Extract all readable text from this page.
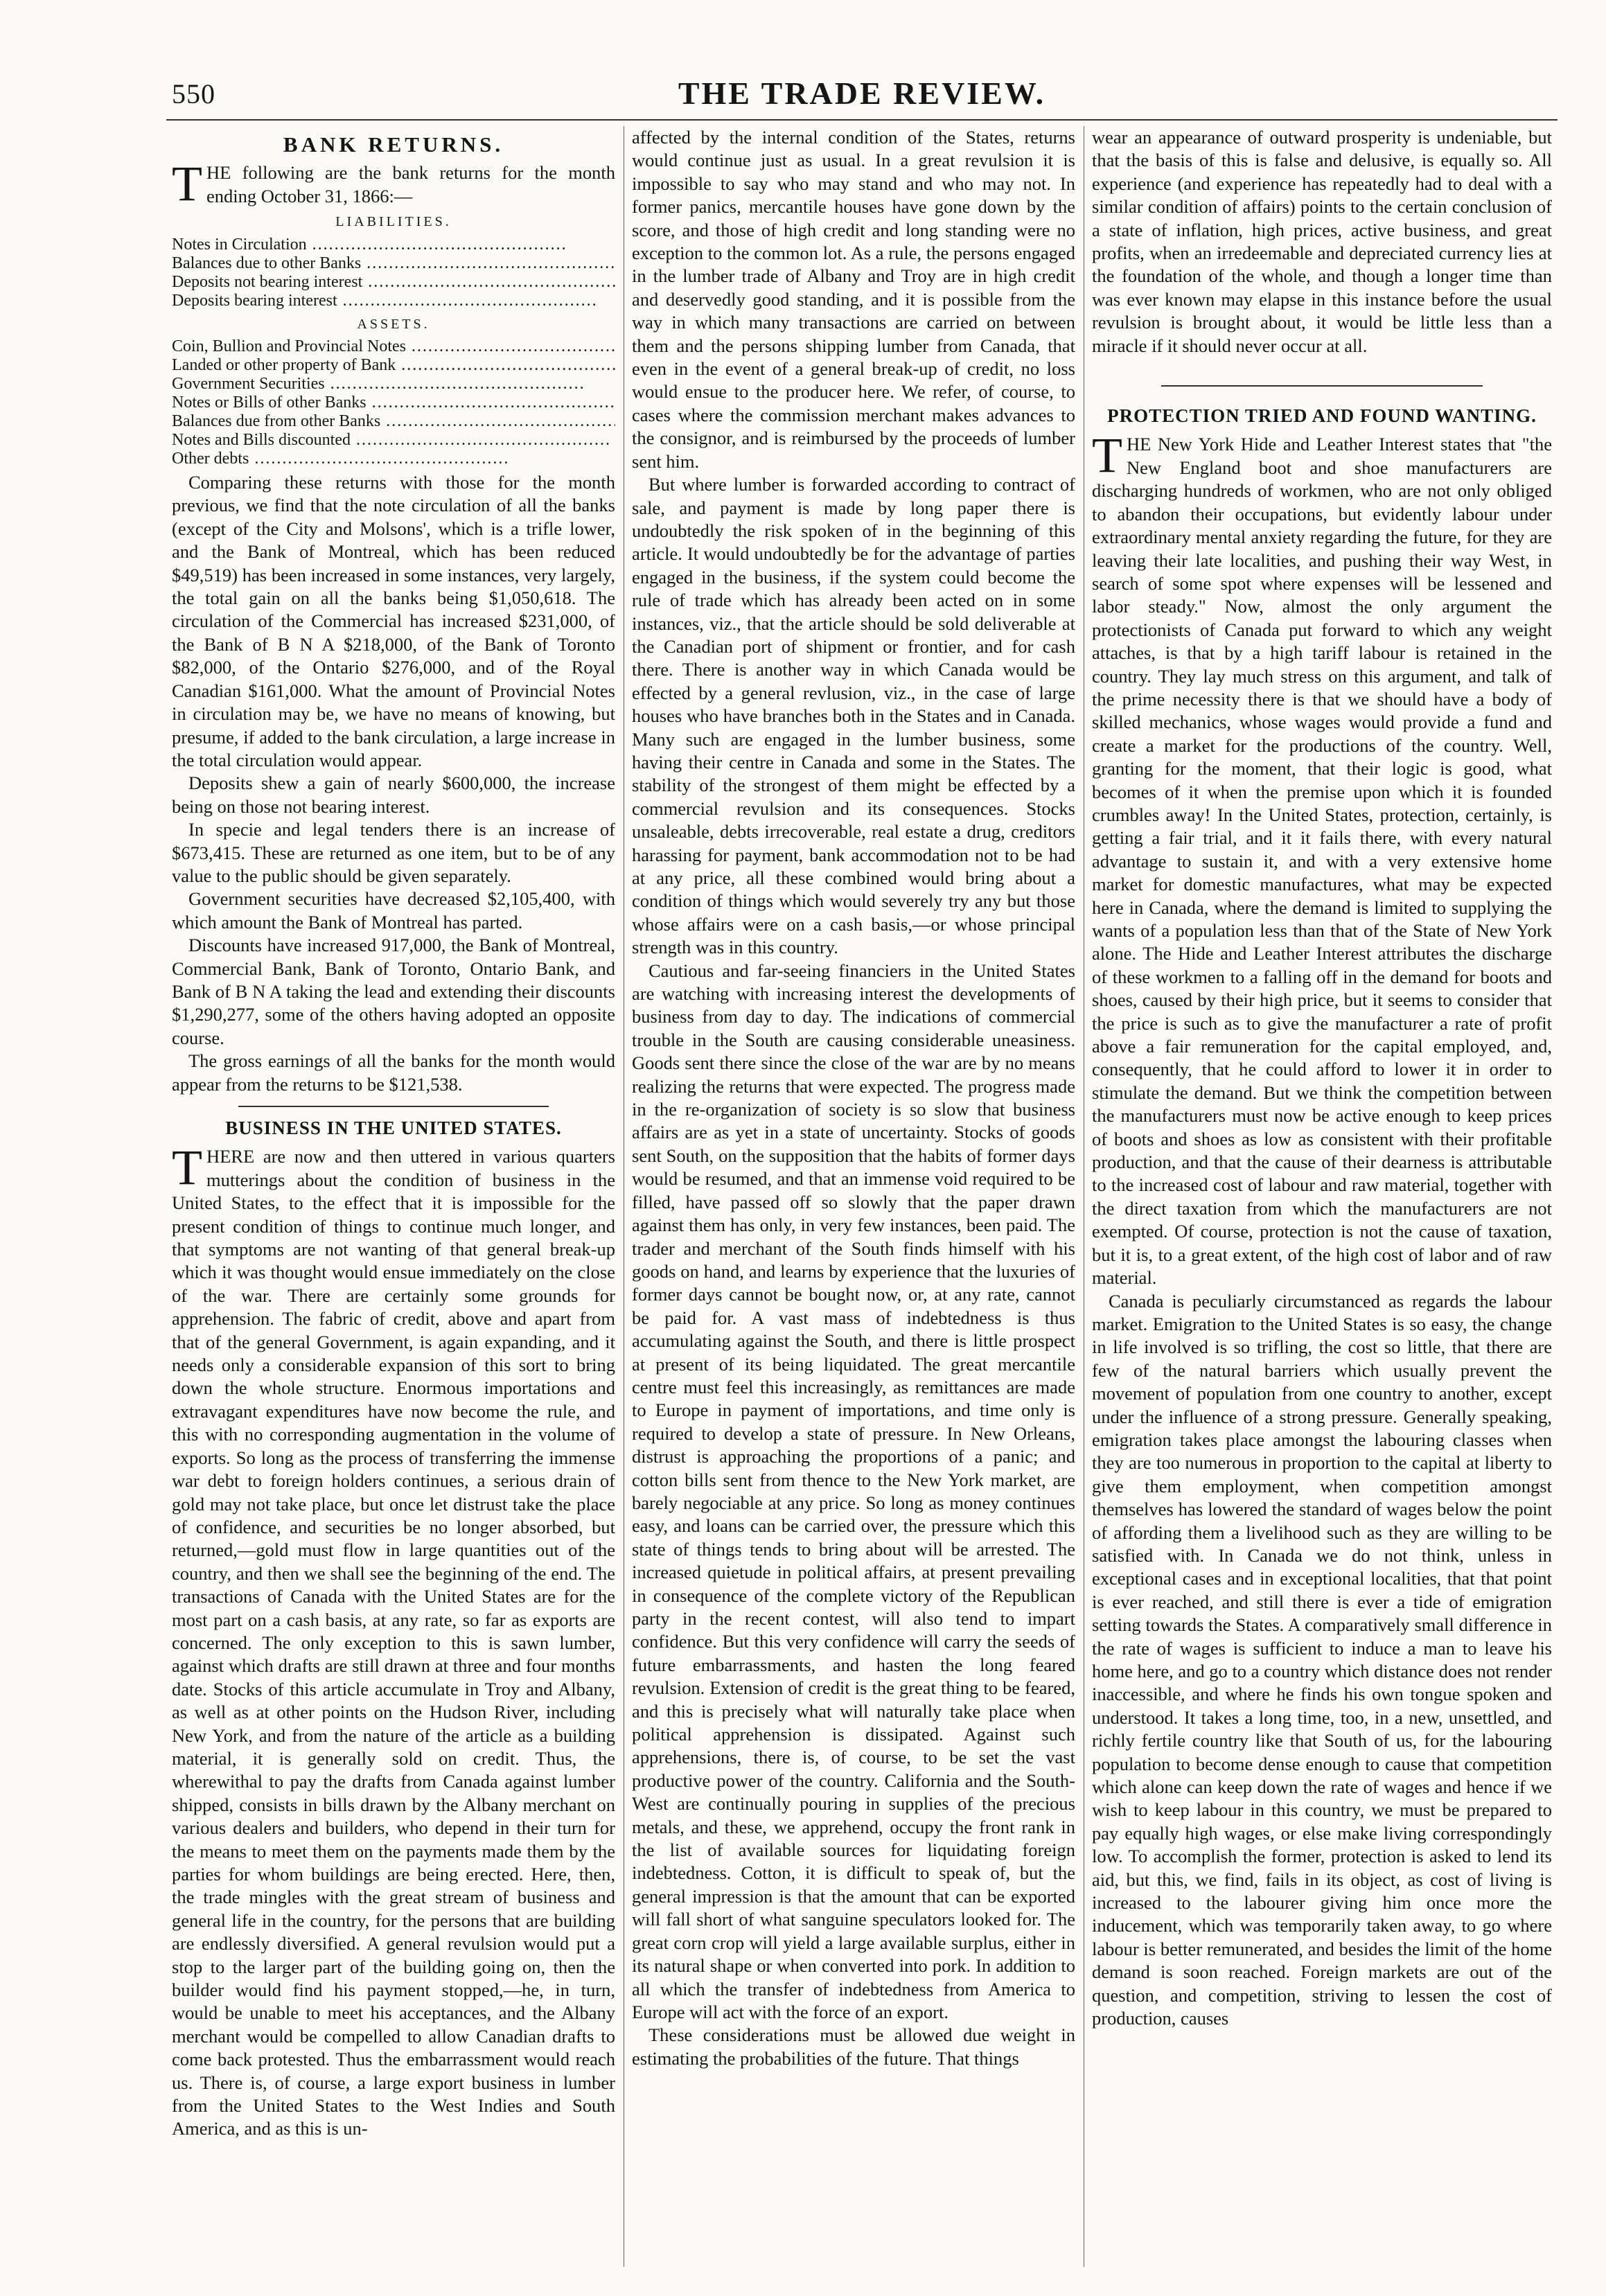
550	THE TRADE REVIEW.
BANK RETURNS.

THE following are the bank returns for the month ending October 31, 1866:—

LIABILITIES.
Notes in Circulation .....	
Balances due to other Banks .....	
Deposits not bearing interest .....	
Deposits bearing interest .....	
ASSETS.
Coin, Bullion and Provincial Notes .....	
Landed or other property of Bank .....	
Government Securities .....	
Notes or Bills of other Banks .....	
Balances due from other Banks .....	
Notes and Bills discounted .....	
Other debts .....	

Comparing these returns with those for the month previous, we find that the note circulation of all the banks (except of the City and Molsons', which is a trifle lower, and the Bank of Montreal, which has been reduced $49,519) has been increased in some instances, very largely, the total gain on all the banks being $1,050,618. The circulation of the Commercial has increased $231,000, of the Bank of B N A $218,000, of the Bank of Toronto $82,000, of the Ontario $276,000, and of the Royal Canadian $161,000. What the amount of Provincial Notes in circulation may be, we have no means of knowing, but presume, if added to the bank circulation, a large increase in the total circulation would appear.

Deposits shew a gain of nearly $600,000, the increase being on those not bearing interest.

In specie and legal tenders there is an increase of $673,415. These are returned as one item, but to be of any value to the public should be given separately.

Government securities have decreased $2,105,400, with which amount the Bank of Montreal has parted.

Discounts have increased 917,000, the Bank of Montreal, Commercial Bank, Bank of Toronto, Ontario Bank, and Bank of B N A taking the lead and extending their discounts $1,290,277, some of the others having adopted an opposite course.

The gross earnings of all the banks for the month would appear from the returns to be $121,538.

BUSINESS IN THE UNITED STATES.

THERE are now and then uttered in various quarters mutterings about the condition of business in the United States, to the effect that it is impossible for the present condition of things to continue much longer, and that symptoms are not wanting of that general break-up which it was thought would ensue immediately on the close of the war. There are certainly some grounds for apprehension. The fabric of credit, above and apart from that of the general Government, is again expanding, and it needs only a considerable expansion of this sort to bring down the whole structure. Enormous importations and extravagant expenditures have now become the rule, and this with no corresponding augmentation in the volume of exports. So long as the process of transferring the immense war debt to foreign holders continues, a serious drain of gold may not take place, but once let distrust take the place of confidence, and securities be no longer absorbed, but returned,—gold must flow in large quantities out of the country, and then we shall see the beginning of the end. The transactions of Canada with the United States are for the most part on a cash basis, at any rate, so far as exports are concerned. The only exception to this is sawn lumber, against which drafts are still drawn at three and four months date. Stocks of this article accumulate in Troy and Albany, as well as at other points on the Hudson River, including New York, and from the nature of the article as a building material, it is generally sold on credit. Thus, the wherewithal to pay the drafts from Canada against lumber shipped, consists in bills drawn by the Albany merchant on various dealers and builders, who depend in their turn for the means to meet them on the payments made them by the parties for whom buildings are being erected. Here, then, the trade mingles with the great stream of business and general life in the country, for the persons that are building are endlessly diversified. A general revulsion would put a stop to the larger part of the building going on, then the builder would find his payment stopped,—he, in turn, would be unable to meet his acceptances, and the Albany merchant would be compelled to allow Canadian drafts to come back protested. Thus the embarrassment would reach us. There is, of course, a large export business in lumber from the United States to the West Indies and South America, and as this is un-

affected by the internal condition of the States, returns would continue just as usual. In a great revulsion it is impossible to say who may stand and who may not. In former panics, mercantile houses have gone down by the score, and those of high credit and long standing were no exception to the common lot. As a rule, the persons engaged in the lumber trade of Albany and Troy are in high credit and deservedly good standing, and it is possible from the way in which many transactions are carried on between them and the persons shipping lumber from Canada, that even in the event of a general break-up of credit, no loss would ensue to the producer here. We refer, of course, to cases where the commission merchant makes advances to the consignor, and is reimbursed by the proceeds of lumber sent him.

But where lumber is forwarded according to contract of sale, and payment is made by long paper there is undoubtedly the risk spoken of in the beginning of this article. It would undoubtedly be for the advantage of parties engaged in the business, if the system could become the rule of trade which has already been acted on in some instances, viz., that the article should be sold deliverable at the Canadian port of shipment or frontier, and for cash there. There is another way in which Canada would be effected by a general revlusion, viz., in the case of large houses who have branches both in the States and in Canada. Many such are engaged in the lumber business, some having their centre in Canada and some in the States. The stability of the strongest of them might be effected by a commercial revulsion and its consequences. Stocks unsaleable, debts irrecoverable, real estate a drug, creditors harassing for payment, bank accommodation not to be had at any price, all these combined would bring about a condition of things which would severely try any but those whose affairs were on a cash basis,—or whose principal strength was in this country.

Cautious and far-seeing financiers in the United States are watching with increasing interest the developments of business from day to day. The indications of commercial trouble in the South are causing considerable uneasiness. Goods sent there since the close of the war are by no means realizing the returns that were expected. The progress made in the re-organization of society is so slow that business affairs are as yet in a state of uncertainty. Stocks of goods sent South, on the supposition that the habits of former days would be resumed, and that an immense void required to be filled, have passed off so slowly that the paper drawn against them has only, in very few instances, been paid. The trader and merchant of the South finds himself with his goods on hand, and learns by experience that the luxuries of former days cannot be bought now, or, at any rate, cannot be paid for. A vast mass of indebtedness is thus accumulating against the South, and there is little prospect at present of its being liquidated. The great mercantile centre must feel this increasingly, as remittances are made to Europe in payment of importations, and time only is required to develop a state of pressure. In New Orleans, distrust is approaching the proportions of a panic; and cotton bills sent from thence to the New York market, are barely negociable at any price. So long as money continues easy, and loans can be carried over, the pressure which this state of things tends to bring about will be arrested. The increased quietude in political affairs, at present prevailing in consequence of the complete victory of the Republican party in the recent contest, will also tend to impart confidence. But this very confidence will carry the seeds of future embarrassments, and hasten the long feared revulsion. Extension of credit is the great thing to be feared, and this is precisely what will naturally take place when political apprehension is dissipated. Against such apprehensions, there is, of course, to be set the vast productive power of the country. California and the South-West are continually pouring in supplies of the precious metals, and these, we apprehend, occupy the front rank in the list of available sources for liquidating foreign indebtedness. Cotton, it is difficult to speak of, but the general impression is that the amount that can be exported will fall short of what sanguine speculators looked for. The great corn crop will yield a large available surplus, either in its natural shape or when converted into pork. In addition to all which the transfer of indebtedness from America to Europe will act with the force of an export.

These considerations must be allowed due weight in estimating the probabilities of the future. That things

wear an appearance of outward prosperity is undeniable, but that the basis of this is false and delusive, is equally so. All experience (and experience has repeatedly had to deal with a similar condition of affairs) points to the certain conclusion of a state of inflation, high prices, active business, and great profits, when an irredeemable and depreciated currency lies at the foundation of the whole, and though a longer time than was ever known may elapse in this instance before the usual revulsion is brought about, it would be little less than a miracle if it should never occur at all.

PROTECTION TRIED AND FOUND WANTING.

THE New York Hide and Leather Interest states that "the New England boot and shoe manufacturers are discharging hundreds of workmen, who are not only obliged to abandon their occupations, but evidently labour under extraordinary mental anxiety regarding the future, for they are leaving their late localities, and pushing their way West, in search of some spot where expenses will be lessened and labor steady." Now, almost the only argument the protectionists of Canada put forward to which any weight attaches, is that by a high tariff labour is retained in the country. They lay much stress on this argument, and talk of the prime necessity there is that we should have a body of skilled mechanics, whose wages would provide a fund and create a market for the productions of the country. Well, granting for the moment, that their logic is good, what becomes of it when the premise upon which it is founded crumbles away! In the United States, protection, certainly, is getting a fair trial, and it it fails there, with every natural advantage to sustain it, and with a very extensive home market for domestic manufactures, what may be expected here in Canada, where the demand is limited to supplying the wants of a population less than that of the State of New York alone. The Hide and Leather Interest attributes the discharge of these workmen to a falling off in the demand for boots and shoes, caused by their high price, but it seems to consider that the price is such as to give the manufacturer a rate of profit above a fair remuneration for the capital employed, and, consequently, that he could afford to lower it in order to stimulate the demand. But we think the competition between the manufacturers must now be active enough to keep prices of boots and shoes as low as consistent with their profitable production, and that the cause of their dearness is attributable to the increased cost of labour and raw material, together with the direct taxation from which the manufacturers are not exempted. Of course, protection is not the cause of taxation, but it is, to a great extent, of the high cost of labor and of raw material.

Canada is peculiarly circumstanced as regards the labour market. Emigration to the United States is so easy, the change in life involved is so trifling, the cost so little, that there are few of the natural barriers which usually prevent the movement of population from one country to another, except under the influence of a strong pressure. Generally speaking, emigration takes place amongst the labouring classes when they are too numerous in proportion to the capital at liberty to give them employment, when competition amongst themselves has lowered the standard of wages below the point of affording them a livelihood such as they are willing to be satisfied with. In Canada we do not think, unless in exceptional cases and in exceptional localities, that that point is ever reached, and still there is ever a tide of emigration setting towards the States. A comparatively small difference in the rate of wages is sufficient to induce a man to leave his home here, and go to a country which distance does not render inaccessible, and where he finds his own tongue spoken and understood. It takes a long time, too, in a new, unsettled, and richly fertile country like that South of us, for the labouring population to become dense enough to cause that competition which alone can keep down the rate of wages and hence if we wish to keep labour in this country, we must be prepared to pay equally high wages, or else make living correspondingly low. To accomplish the former, protection is asked to lend its aid, but this, we find, fails in its object, as cost of living is increased to the labourer giving him once more the inducement, which was temporarily taken away, to go where labour is better remunerated, and besides the limit of the home demand is soon reached. Foreign markets are out of the question, and competition, striving to lessen the cost of production, causes
